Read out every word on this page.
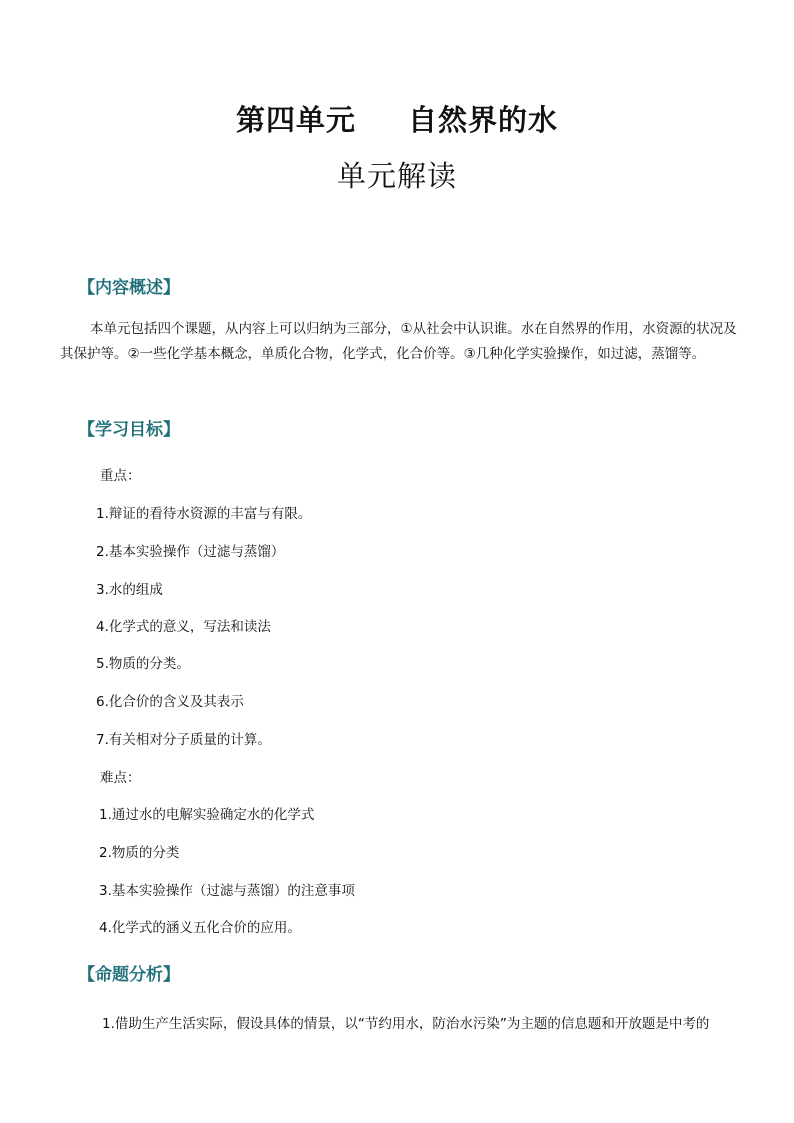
第四单元 自然界的水
单元解读
【内容概述】
本单元包括四个课题，从内容上可以归纳为三部分，①从社会中认识谁。水在自然界的作用，水资源的状况及其保护等。②一些化学基本概念，单质化合物，化学式，化合价等。③几种化学实验操作，如过滤，蒸馏等。
【学习目标】
重点：
1.辩证的看待水资源的丰富与有限。
2.基本实验操作（过滤与蒸馏）
3.水的组成
4.化学式的意义，写法和读法
5.物质的分类。
6.化合价的含义及其表示
7.有关相对分子质量的计算。
难点：
1.通过水的电解实验确定水的化学式
2.物质的分类
3.基本实验操作（过滤与蒸馏）的注意事项
4.化学式的涵义五化合价的应用。
【命题分析】
1.借助生产生活实际，假设具体的情景，以“节约用水，防治水污染”为主题的信息题和开放题是中考的
